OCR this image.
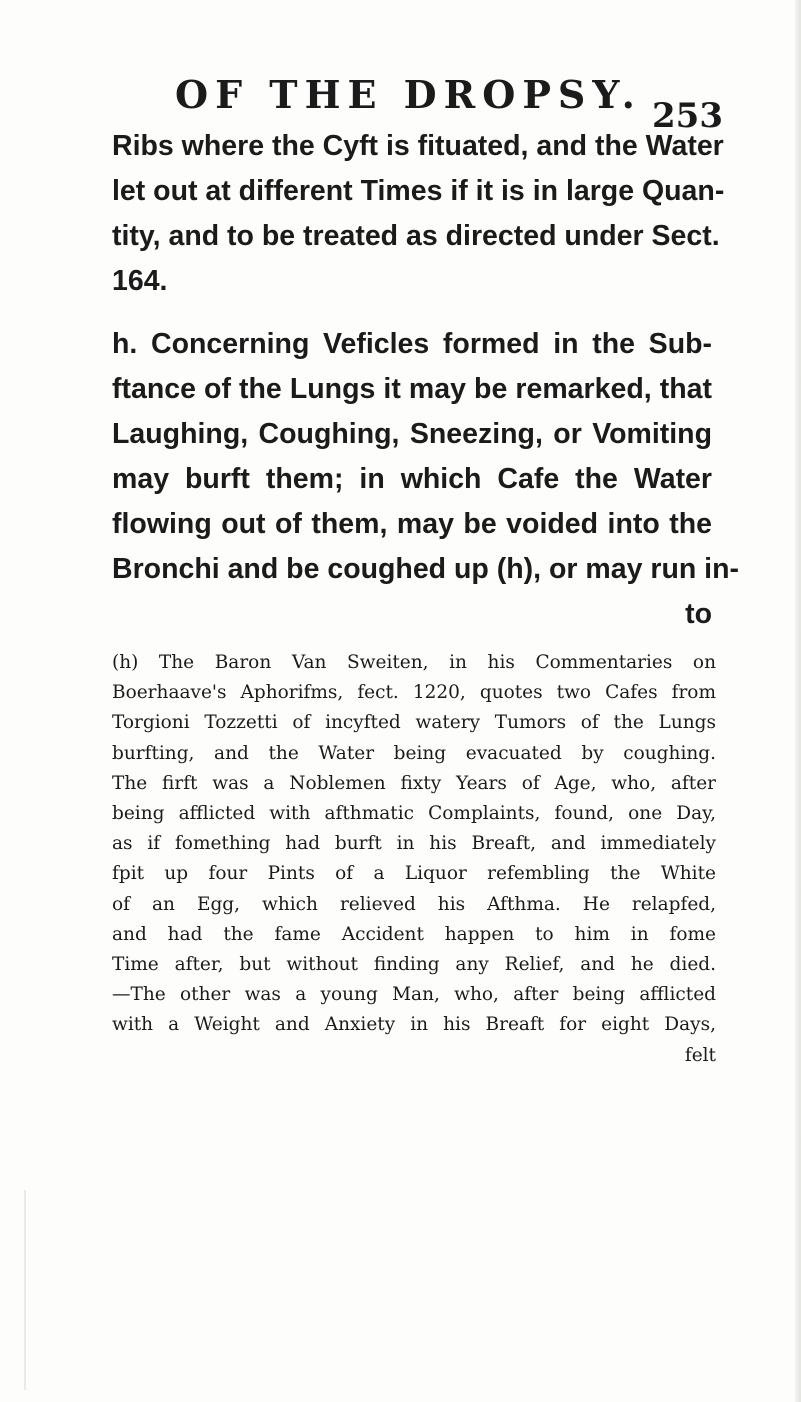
OF THE DROPSY. 253
Ribs where the Cyft is fituated, and the Water
let out at different Times if it is in large Quan-
tity, and to be treated as directed under Sect.
164.
h. Concerning Veficles formed in the Sub-
ftance of the Lungs it may be remarked, that
Laughing, Coughing, Sneezing, or Vomiting
may burft them; in which Cafe the Water
flowing out of them, may be voided into the
Bronchi and be coughed up (h), or may run in-
to
(h) The Baron Van Sweiten, in his Commentaries on
Boerhaave's Aphorifms, fect. 1220, quotes two Cafes from
Torgioni Tozzetti of incyfted watery Tumors of the Lungs
burfting, and the Water being evacuated by coughing.
The firft was a Noblemen fixty Years of Age, who, after
being afflicted with afthmatic Complaints, found, one Day,
as if fomething had burft in his Breaft, and immediately
fpit up four Pints of a Liquor refembling the White
of an Egg, which relieved his Afthma. He relapfed,
and had the fame Accident happen to him in fome
Time after, but without finding any Relief, and he died.
—The other was a young Man, who, after being afflicted
with a Weight and Anxiety in his Breaft for eight Days,
felt
